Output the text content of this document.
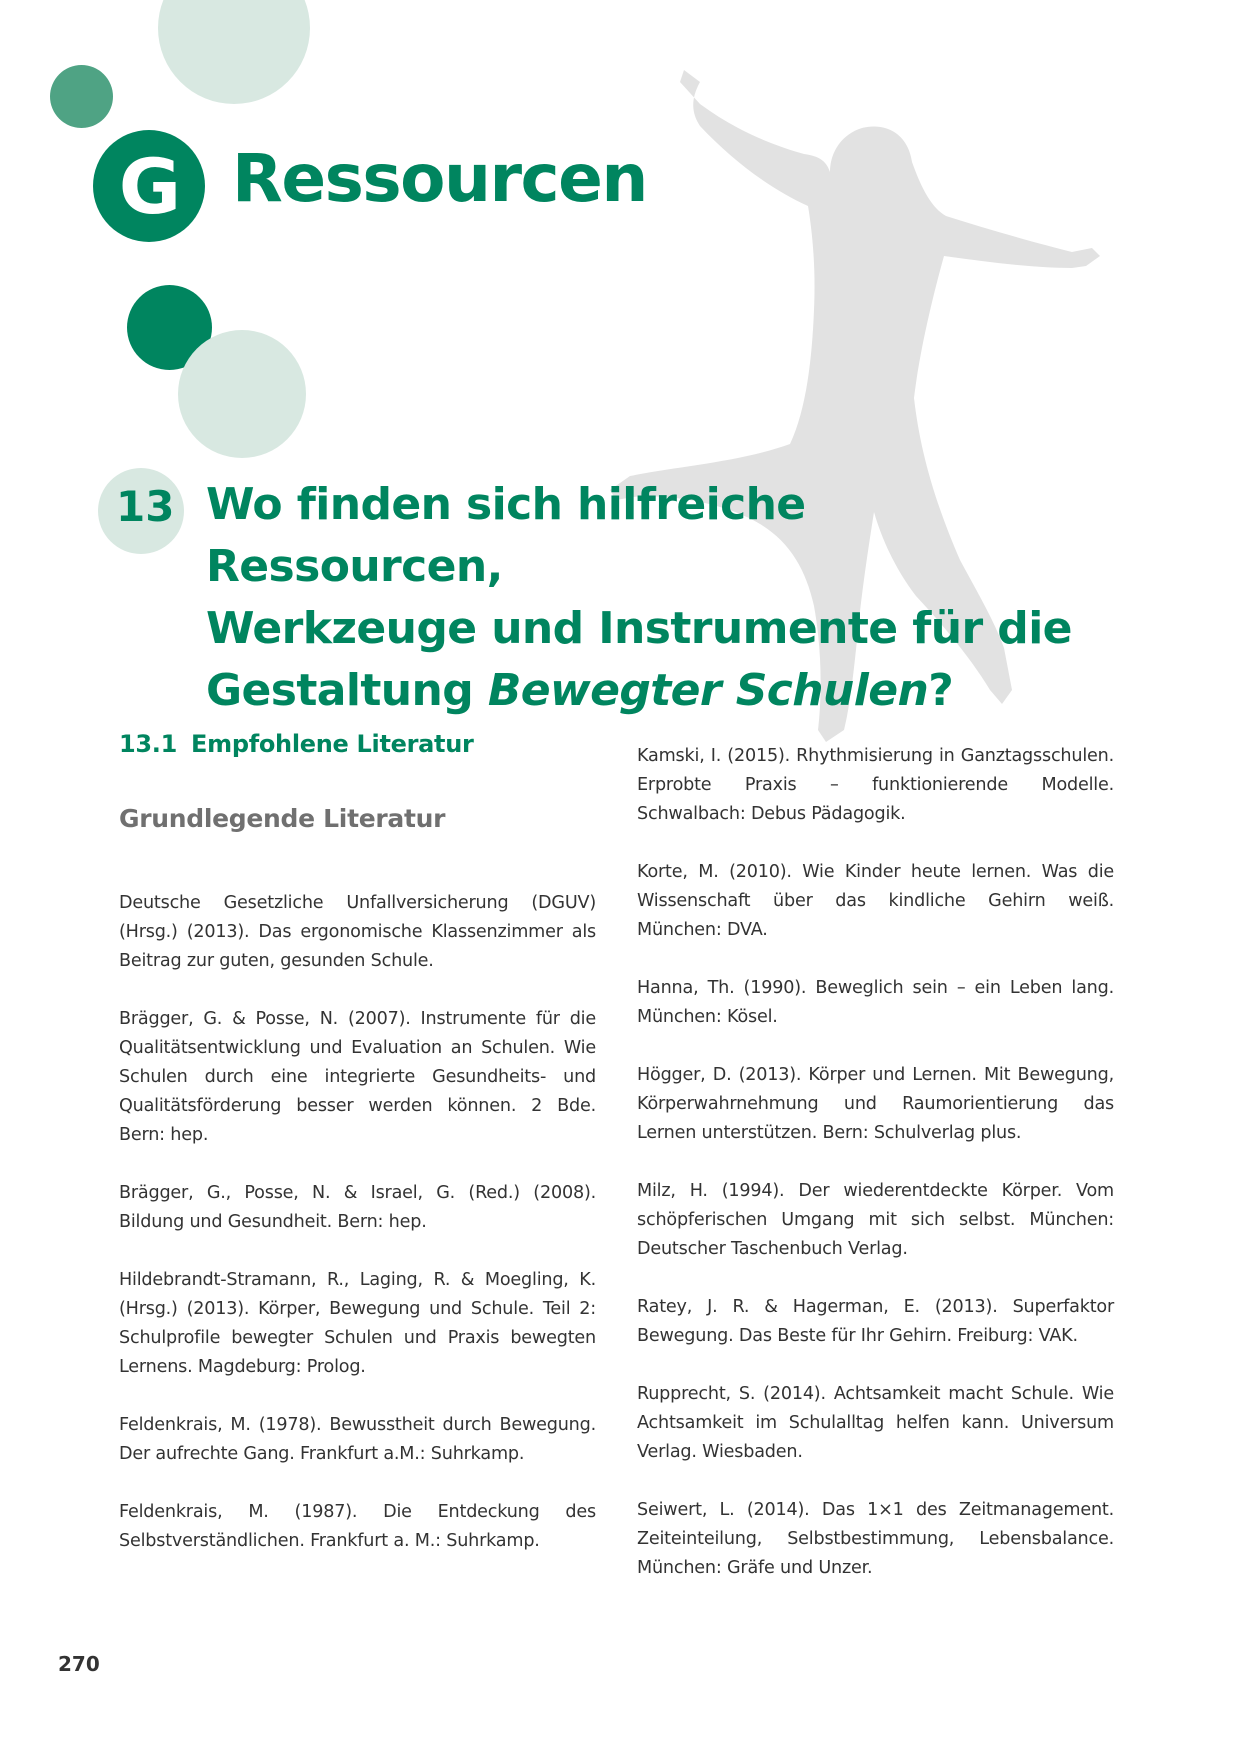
G Ressourcen
13 Wo finden sich hilfreiche Ressourcen,
Werkzeuge und Instrumente für die
Gestaltung Bewegter Schulen?
13.1 Empfohlene Literatur
Grundlegende Literatur

Deutsche Gesetzliche Unfallversicherung (DGUV) (Hrsg.) (2013). Das ergonomische Klassenzimmer als Beitrag zur guten, gesunden Schule.

Brägger, G. & Posse, N. (2007). Instrumente für die Qualitätsentwicklung und Evaluation an Schulen. Wie Schulen durch eine integrierte Gesundheits- und Qualitätsförderung besser werden können. 2 Bde. Bern: hep.

Brägger, G., Posse, N. & Israel, G. (Red.) (2008). Bildung und Gesundheit. Bern: hep.

Hildebrandt-Stramann, R., Laging, R. & Moegling, K. (Hrsg.) (2013). Körper, Bewegung und Schule. Teil 2: Schulprofile bewegter Schulen und Praxis bewegten Lernens. Magdeburg: Prolog.

Feldenkrais, M. (1978). Bewusstheit durch Bewegung. Der aufrechte Gang. Frankfurt a.M.: Suhrkamp.

Feldenkrais, M. (1987). Die Entdeckung des Selbstverständlichen. Frankfurt a. M.: Suhrkamp.

Kamski, I. (2015). Rhythmisierung in Ganztagsschulen. Erprobte Praxis – funktionierende Modelle. Schwalbach: Debus Pädagogik.

Korte, M. (2010). Wie Kinder heute lernen. Was die Wissenschaft über das kindliche Gehirn weiß. München: DVA.

Hanna, Th. (1990). Beweglich sein – ein Leben lang. München: Kösel.

Högger, D. (2013). Körper und Lernen. Mit Bewegung, Körperwahrnehmung und Raumorientierung das Lernen unterstützen. Bern: Schulverlag plus.

Milz, H. (1994). Der wiederentdeckte Körper. Vom schöpferischen Umgang mit sich selbst. München: Deutscher Taschenbuch Verlag.

Ratey, J. R. & Hagerman, E. (2013). Superfaktor Bewegung. Das Beste für Ihr Gehirn. Freiburg: VAK.

Rupprecht, S. (2014). Achtsamkeit macht Schule. Wie Achtsamkeit im Schulalltag helfen kann. Universum Verlag. Wiesbaden.

Seiwert, L. (2014). Das 1×1 des Zeitmanagement. Zeiteinteilung, Selbstbestimmung, Lebensbalance. München: Gräfe und Unzer.

270
